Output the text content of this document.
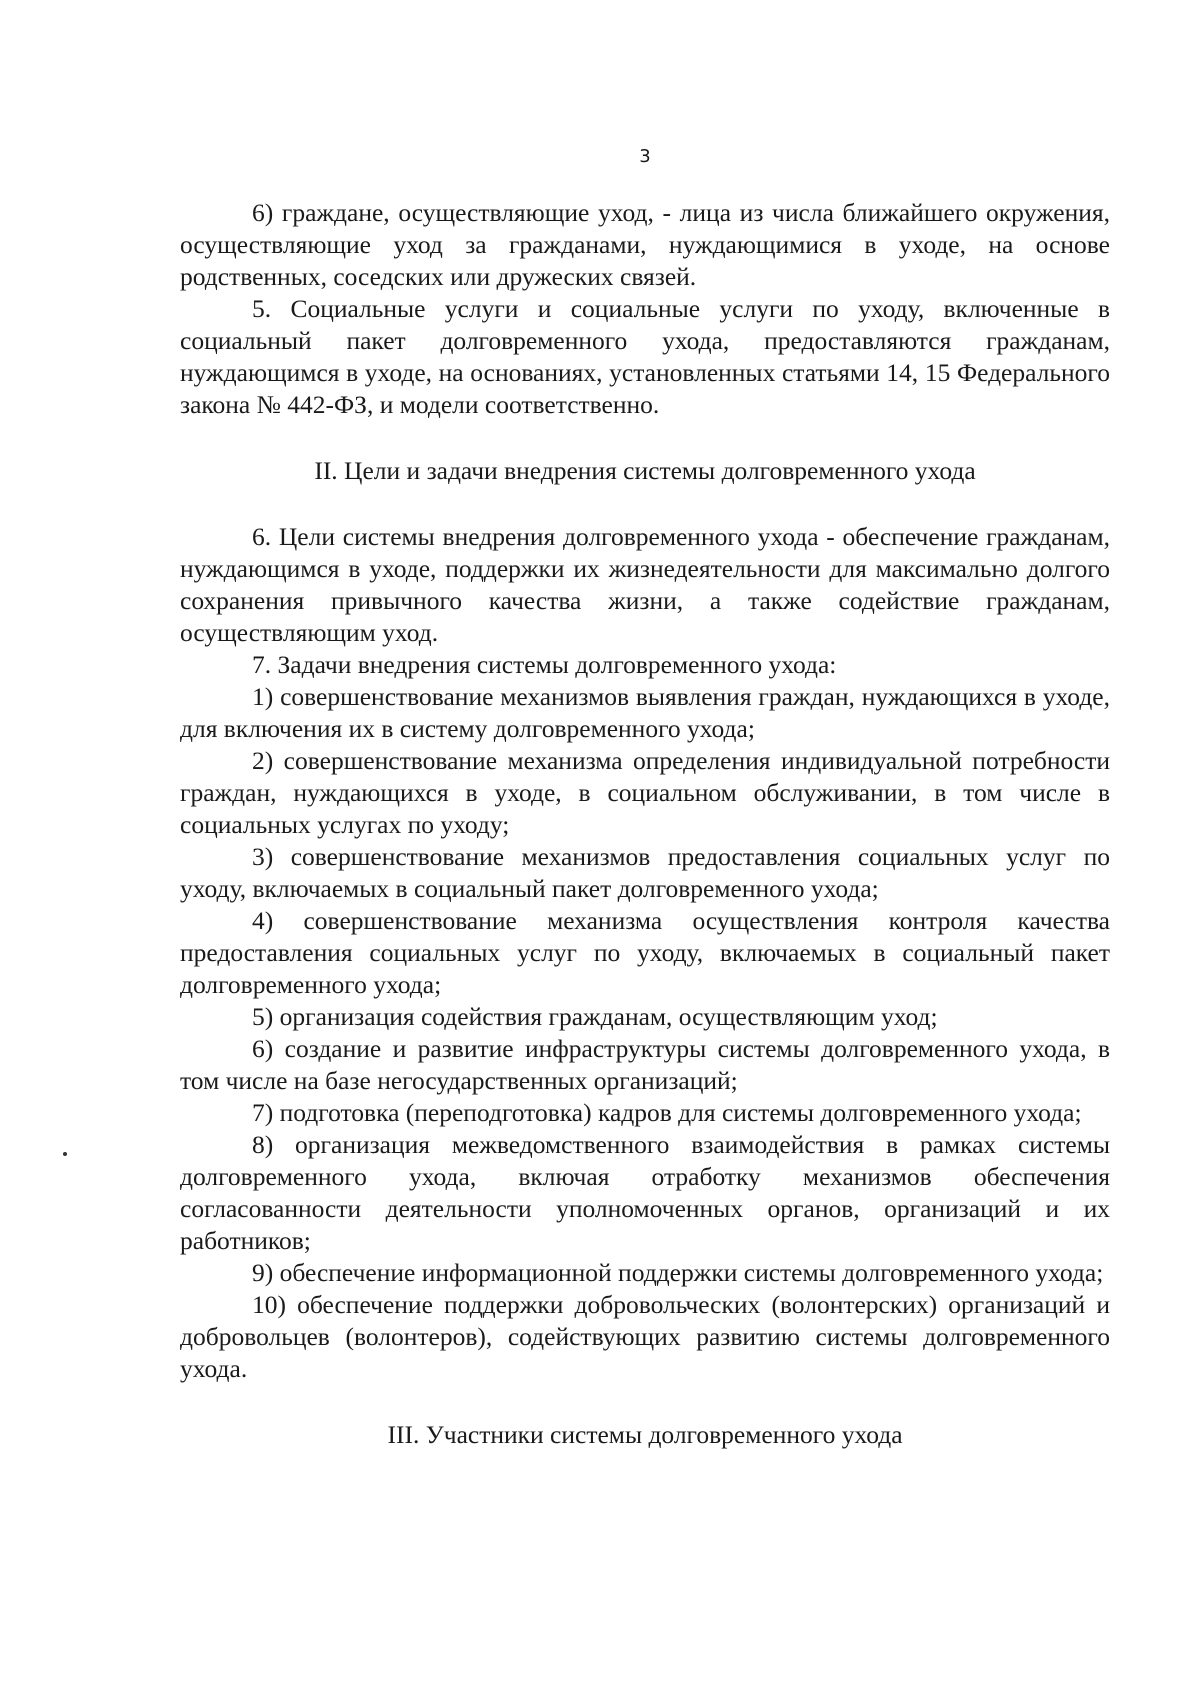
3

6) граждане, осуществляющие уход, - лица из числа ближайшего окружения, осуществляющие уход за гражданами, нуждающимися в уходе, на основе родственных, соседских или дружеских связей.

5. Социальные услуги и социальные услуги по уходу, включенные в социальный пакет долговременного ухода, предоставляются гражданам, нуждающимся в уходе, на основаниях, установленных статьями 14, 15 Федерального закона № 442-ФЗ, и модели соответственно.

II. Цели и задачи внедрения системы долговременного ухода

6. Цели системы внедрения долговременного ухода - обеспечение гражданам, нуждающимся в уходе, поддержки их жизнедеятельности для максимально долгого сохранения привычного качества жизни, а также содействие гражданам, осуществляющим уход.

7. Задачи внедрения системы долговременного ухода:

1) совершенствование механизмов выявления граждан, нуждающихся в уходе, для включения их в систему долговременного ухода;

2) совершенствование механизма определения индивидуальной потребности граждан, нуждающихся в уходе, в социальном обслуживании, в том числе в социальных услугах по уходу;

3) совершенствование механизмов предоставления социальных услуг по уходу, включаемых в социальный пакет долговременного ухода;

4) совершенствование механизма осуществления контроля качества предоставления социальных услуг по уходу, включаемых в социальный пакет долговременного ухода;

5) организация содействия гражданам, осуществляющим уход;

6) создание и развитие инфраструктуры системы долговременного ухода, в том числе на базе негосударственных организаций;

7) подготовка (переподготовка) кадров для системы долговременного ухода;

8) организация межведомственного взаимодействия в рамках системы долговременного ухода, включая отработку механизмов обеспечения согласованности деятельности уполномоченных органов, организаций и их работников;

9) обеспечение информационной поддержки системы долговременного ухода;

10) обеспечение поддержки добровольческих (волонтерских) организаций и добровольцев (волонтеров), содействующих развитию системы долговременного ухода.

III. Участники системы долговременного ухода
